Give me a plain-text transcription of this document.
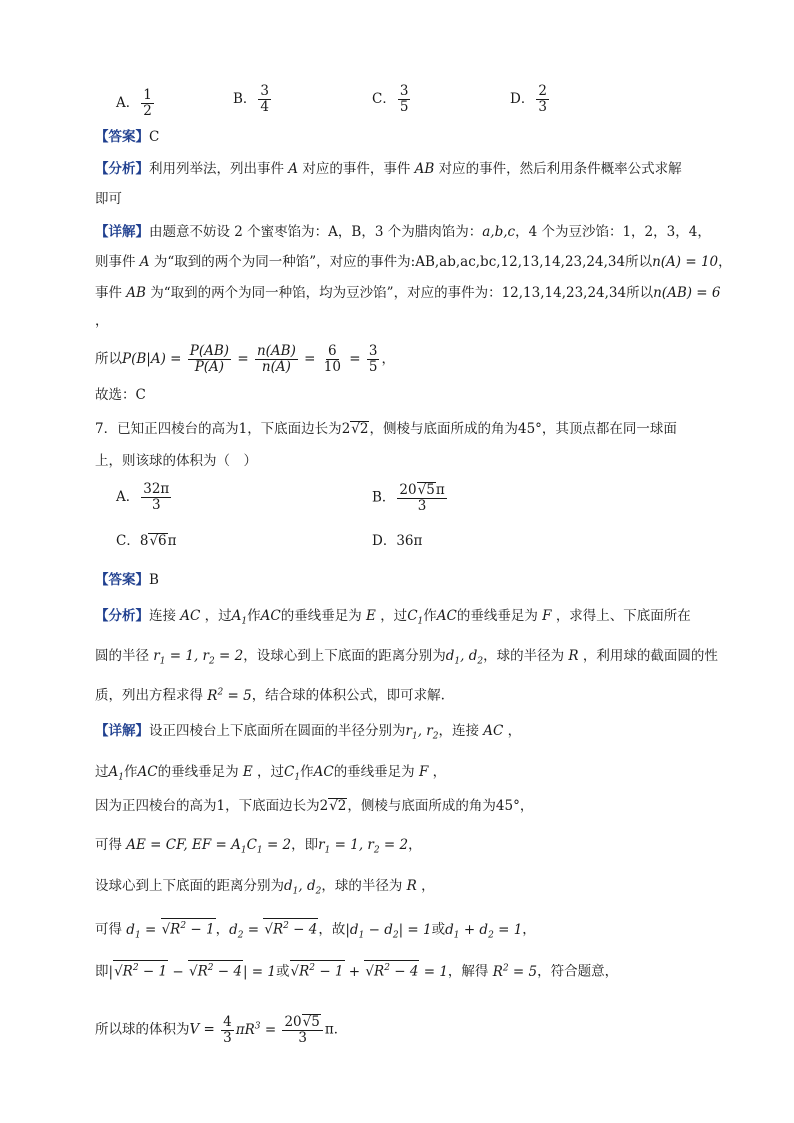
A． $\frac{1}{2}$	B． $\frac{3}{4}$	C． $\frac{3}{5}$	D． $\frac{2}{3}$
【答案】C
【分析】利用列举法，列出事件 A 对应的事件，事件 AB 对应的事件，然后利用条件概率公式求解
即可
【详解】由题意不妨设 2 个蜜枣馅为：A，B，3 个为腊肉馅为：a,b,c，4 个为豆沙馅：1，2，3，4，
则事件 A 为“取到的两个为同一种馅”，对应的事件为:AB,ab,ac,bc,12,13,14,23,24,34所以n(A) = 10，
事件 AB 为“取到的两个为同一种馅，均为豆沙馅”，对应的事件为：12,13,14,23,24,34所以n(AB) = 6
，
所以$P(B|A) = \frac{P(AB)}{P(A)} = \frac{n(AB)}{n(A)} = \frac{6}{10} = \frac{3}{5}$ ，
故选：C
7．已知正四棱台的高为1，下底面边长为2√2，侧棱与底面所成的角为45°，其顶点都在同一球面
上，则该球的体积为（　）
A． $\frac{32\pi}{3}$	B． $\frac{20√5\pi}{3}$
C．8√6π	D．36π
【答案】B
【分析】连接 AC ，过$A_1$作AC的垂线垂足为 E ，过$C_1$作AC的垂线垂足为 F ，求得上、下底面所在
圆的半径 $r_1 = 1$, $r_2 = 2$，设球心到上下底面的距离分别为$d_1$, $d_2$，球的半径为 R ，利用球的截面圆的性
质，列出方程求得 $R^2 = 5$，结合球的体积公式，即可求解.
【详解】设正四棱台上下底面所在圆面的半径分别为$r_1$, $r_2$，连接 AC ，
过$A_1$作AC的垂线垂足为 E ，过$C_1$作AC的垂线垂足为 F ，
因为正四棱台的高为1，下底面边长为2√2，侧棱与底面所成的角为45°，
可得 AE = CF, EF = $A_1C_1 = 2$，即$r_1 = 1$, $r_2 = 2$，
设球心到上下底面的距离分别为$d_1$, $d_2$，球的半径为 R ，
可得 $d_1 = √R^2 - 1$，$d_2 = √R^2 - 4$，故$|d_1 - d_2| = 1$或$d_1 + d_2 = 1$，
即$|√R^2 - 1 - √R^2 - 4| = 1$或$√R^2 - 1 + √R^2 - 4 = 1$，解得 $R^2 = 5$，符合题意，
所以球的体积为$V = \frac{4}{3} \pi R^3 = \frac{20√5}{3}$ π．
